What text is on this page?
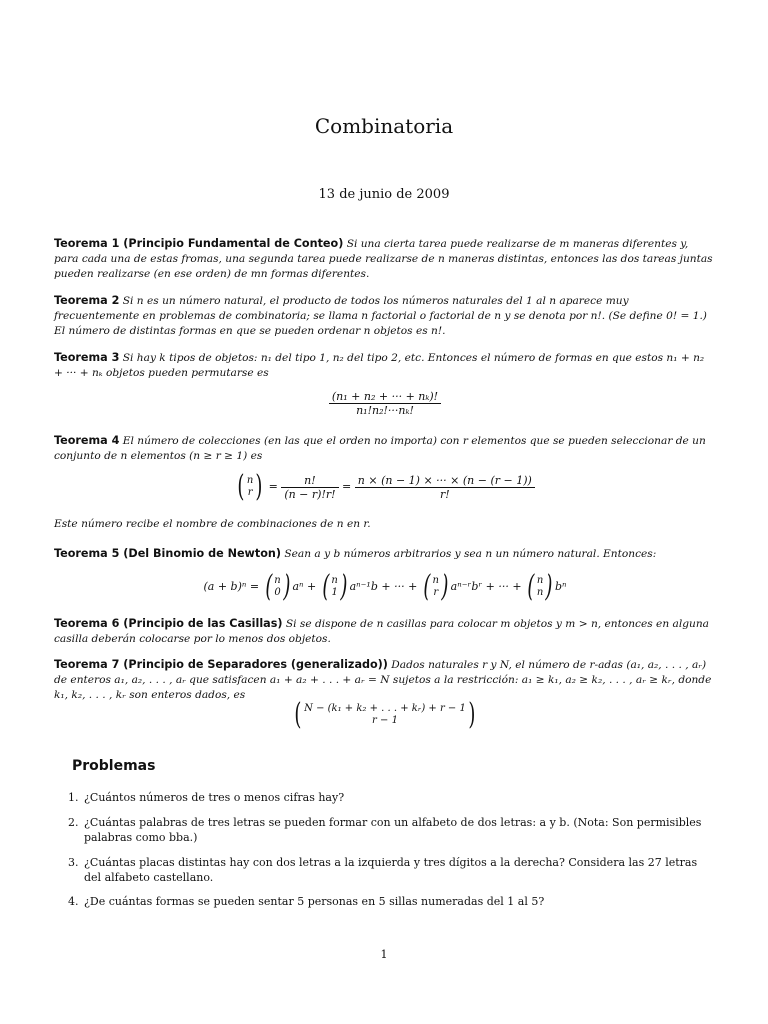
Combinatoria
13 de junio de 2009
Teorema 1 (Principio Fundamental de Conteo) Si una cierta tarea puede realizarse de m maneras diferentes y, para cada una de estas fromas, una segunda tarea puede realizarse de n maneras distintas, entonces las dos tareas juntas pueden realizarse (en ese orden) de mn formas diferentes.
Teorema 2 Si n es un número natural, el producto de todos los números naturales del 1 al n aparece muy frecuentemente en problemas de combinatoria; se llama n factorial o factorial de n y se denota por n!. (Se define 0! = 1.) El número de distintas formas en que se pueden ordenar n objetos es n!.
Teorema 3 Si hay k tipos de objetos: n₁ del tipo 1, n₂ del tipo 2, etc. Entonces el número de formas en que estos n₁ + n₂ + ··· + nₖ objetos pueden permutarse es
$\frac{\text{(n₁ + n₂ + ··· + nₖ)!}}{\text{n₁!n₂!···nₖ!}}$
Teorema 4 El número de colecciones (en las que el orden no importa) con r elementos que se pueden seleccionar de un conjunto de n elementos (n ≥ r ≥ 1) es
( n
r ) = $\frac{n!}{(n - r)!r!} = \frac{n \times (n - 1) \times \cdot\cdot\cdot \times (n - (r - 1))}{r!}$
Este número recibe el nombre de combinaciones de n en r.
Teorema 5 (Del Binomio de Newton) Sean a y b números arbitrarios y sea n un número natural. Entonces:
(a + b)ⁿ = ( n
0 ) aⁿ + ( n
1 ) aⁿ⁻¹b + ··· + ( n
r ) aⁿ⁻ʳbʳ + ··· + ( n
n ) bⁿ
Teorema 6 (Principio de las Casillas) Si se dispone de n casillas para colocar m objetos y m > n, entonces en alguna casilla deberán colocarse por lo menos dos objetos.
Teorema 7 (Principio de Separadores (generalizado)) Dados naturales r y N, el número de r-adas (a₁, a₂, . . . , aᵣ) de enteros a₁, a₂, . . . , aᵣ que satisfacen a₁ + a₂ + . . . + aᵣ = N sujetos a la restricción: a₁ ≥ k₁, a₂ ≥ k₂, . . . , aᵣ ≥ kᵣ, donde k₁, k₂, . . . , kᵣ son enteros dados, es
( N − (k₁ + k₂ + . . . + kᵣ) + r − 1
r − 1 )
Problemas
1. ¿Cuántos números de tres o menos cifras hay?
2. ¿Cuántas palabras de tres letras se pueden formar con un alfabeto de dos letras: a y b. (Nota: Son permisibles palabras como bba.)
3. ¿Cuántas placas distintas hay con dos letras a la izquierda y tres dígitos a la derecha? Considera las 27 letras del alfabeto castellano.
4. ¿De cuántas formas se pueden sentar 5 personas en 5 sillas numeradas del 1 al 5?
1
